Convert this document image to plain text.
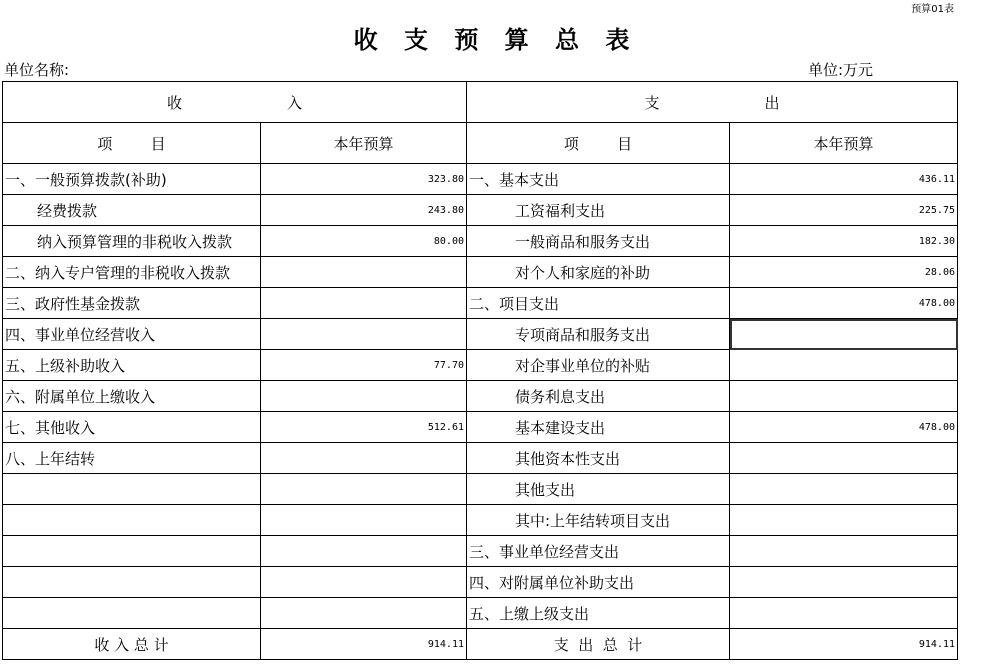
预算01表
收 支 预 算 总 表
单位名称:	单位:万元
收                      入		支                      出	
项        目	本年预算	项        目	本年预算
一、一般预算拨款(补助)	323.80	一、基本支出	436.11
经费拨款	243.80	工资福利支出	225.75
纳入预算管理的非税收入拨款	80.00	一般商品和服务支出	182.30
二、纳入专户管理的非税收入拨款		对个人和家庭的补助	28.06
三、政府性基金拨款		二、项目支出	478.00
四、事业单位经营收入		专项商品和服务支出	
五、上级补助收入	77.70	对企事业单位的补贴	
六、附属单位上缴收入		债务利息支出	
七、其他收入	512.61	基本建设支出	478.00
八、上年结转		其他资本性支出	
		其他支出	
		其中:上年结转项目支出	
		三、事业单位经营支出	
		四、对附属单位补助支出	
		五、上缴上级支出	
收 入 总 计	914.11	支  出  总  计	914.11
